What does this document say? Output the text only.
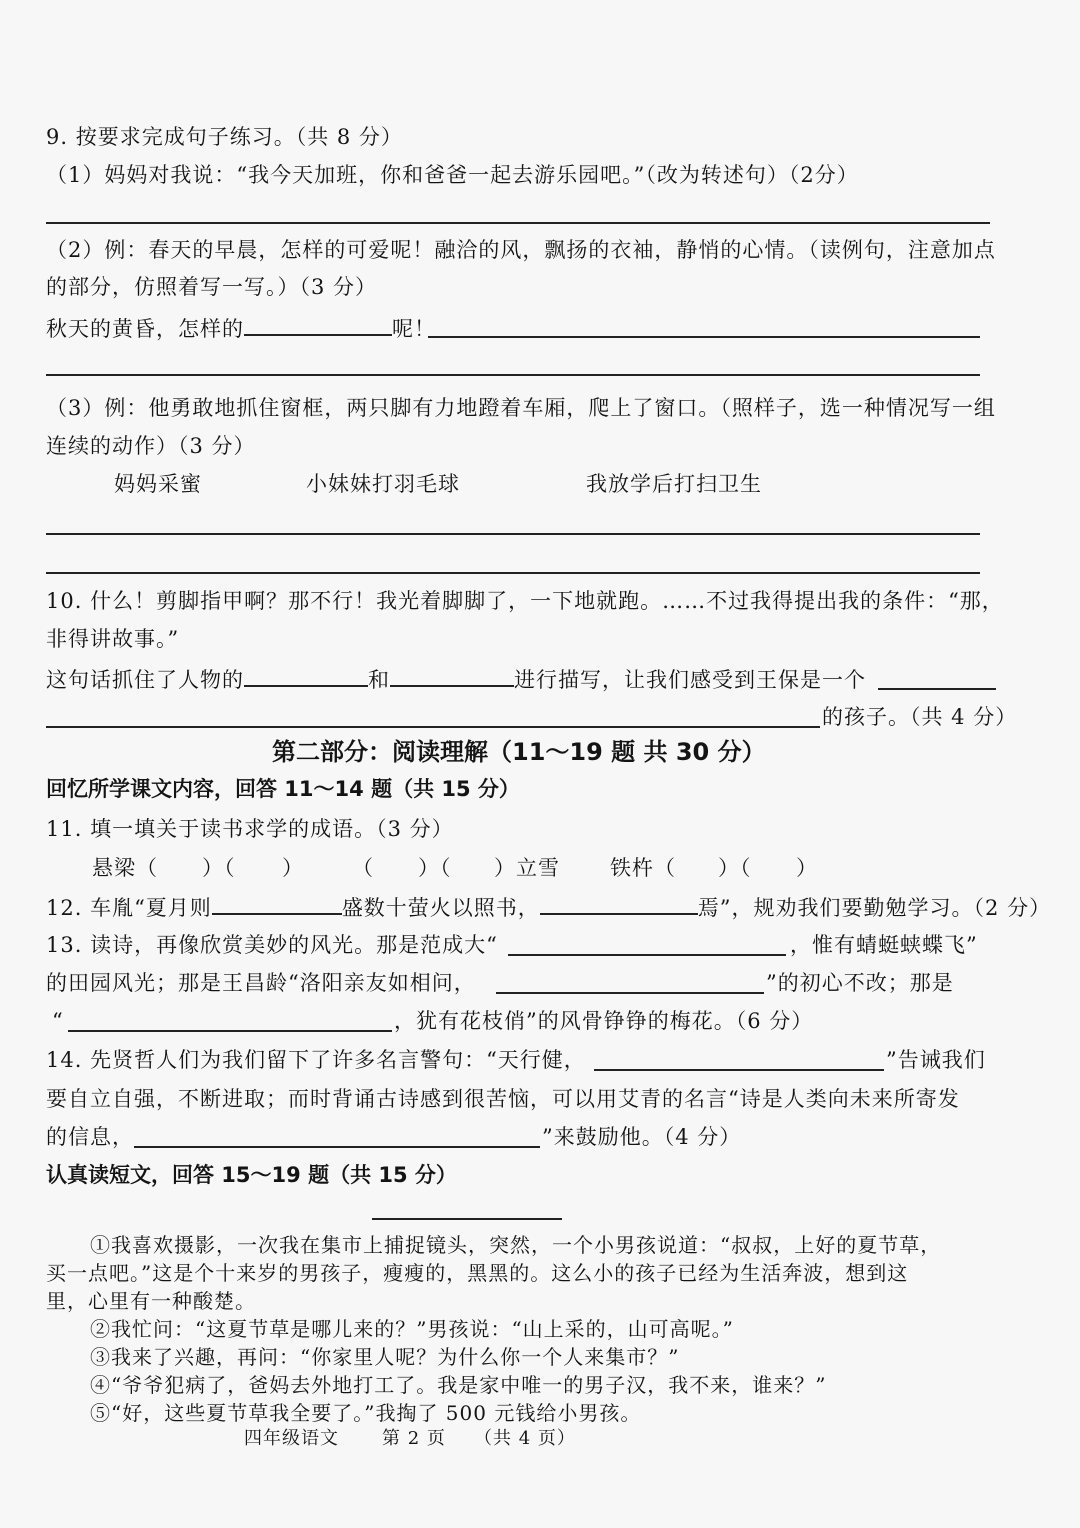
9. 按要求完成句子练习。（共 8 分）
（1）妈妈对我说：“我今天加班，你和爸爸一起去游乐园吧。”（改为转述句）（2分）
（2）例：春天的早晨，怎样的可爱呢！融洽的风，飘扬的衣袖，静悄的心情。（读例句，注意加点
的部分，仿照着写一写。）（3 分）
秋天的黄昏，怎样的	呢！
（3）例：他勇敢地抓住窗框，两只脚有力地蹬着车厢，爬上了窗口。（照样子，选一种情况写一组
连续的动作）（3 分）
妈妈采蜜	小妹妹打羽毛球	我放学后打扫卫生
10. 什么！剪脚指甲啊？那不行！我光着脚脚了，一下地就跑。……不过我得提出我的条件：“那，
非得讲故事。”
这句话抓住了人物的	和	进行描写，让我们感受到王保是一个
的孩子。（共 4 分）
第二部分：阅读理解（11～19 题 共 30 分）
回忆所学课文内容，回答 11～14 题（共 15 分）
11. 填一填关于读书求学的成语。（3 分）
悬梁（ ）（ ） （ ）（ ）立雪 铁杵（ ）（ ）
12. 车胤“夏月则	盛数十萤火以照书，	焉”，规劝我们要勤勉学习。（2 分）
13. 读诗，再像欣赏美妙的风光。那是范成大“	，惟有蜻蜓蛱蝶飞”
的田园风光；那是王昌龄“洛阳亲友如相问，	”的初心不改；那是
“	，犹有花枝俏”的风骨铮铮的梅花。（6 分）
14. 先贤哲人们为我们留下了许多名言警句：“天行健，	”告诫我们
要自立自强，不断进取；而时背诵古诗感到很苦恼，可以用艾青的名言“诗是人类向未来所寄发
的信息，	”来鼓励他。（4 分）
认真读短文，回答 15～19 题（共 15 分）
①我喜欢摄影，一次我在集市上捕捉镜头，突然，一个小男孩说道：“叔叔，上好的夏节草，
买一点吧。”这是个十来岁的男孩子，瘦瘦的，黑黑的。这么小的孩子已经为生活奔波，想到这
里，心里有一种酸楚。
②我忙问：“这夏节草是哪儿来的？”男孩说：“山上采的，山可高呢。”
③我来了兴趣，再问：“你家里人呢？为什么你一个人来集市？”
④“爷爷犯病了，爸妈去外地打工了。我是家中唯一的男子汉，我不来，谁来？”
⑤“好，这些夏节草我全要了。”我掏了 500 元钱给小男孩。
四年级语文 第 2 页 （共 4 页）
